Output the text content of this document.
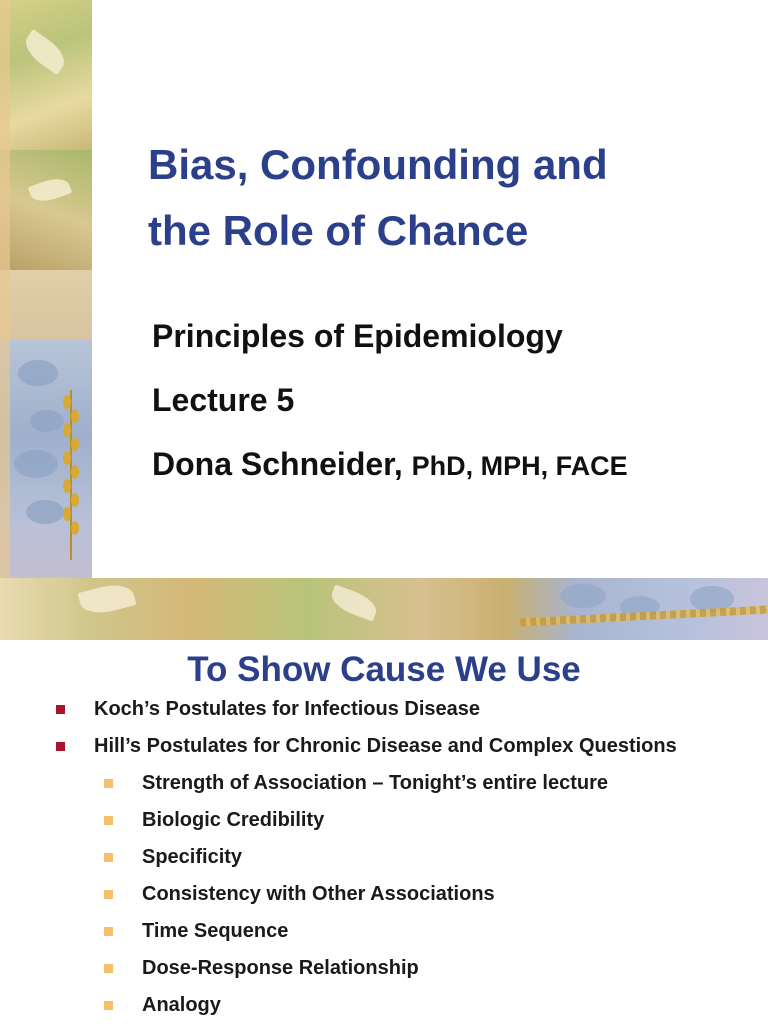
Bias, Confounding and
the Role of Chance
Principles of Epidemiology
Lecture 5
Dona Schneider, PhD, MPH, FACE
To Show Cause We Use
Koch’s Postulates for Infectious Disease
Hill’s Postulates for Chronic Disease and Complex Questions
Strength of Association – Tonight’s entire lecture
Biologic Credibility
Specificity
Consistency with Other Associations
Time Sequence
Dose-Response Relationship
Analogy
